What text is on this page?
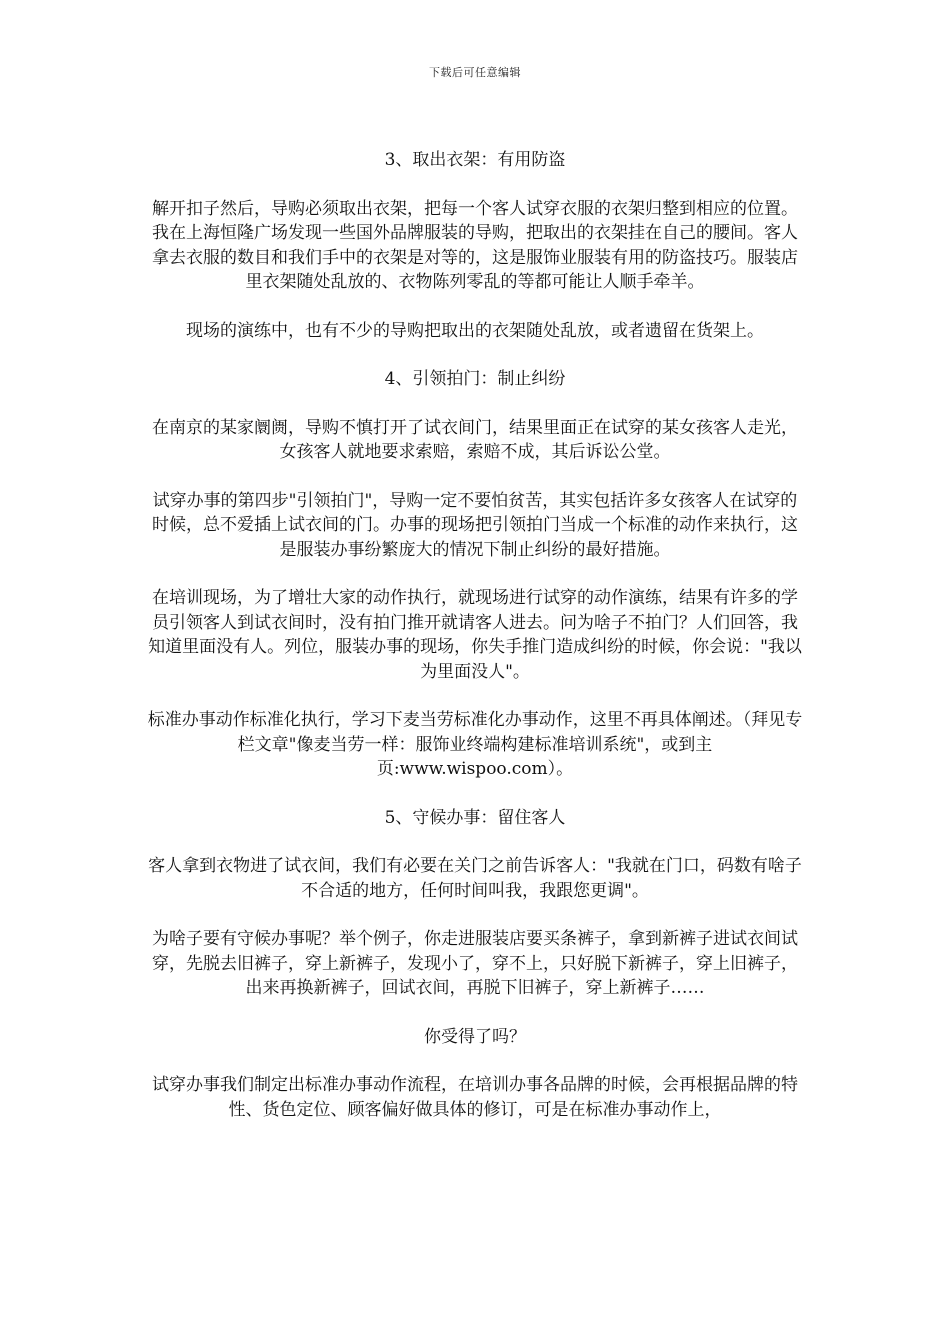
下载后可任意编辑
3、取出衣架：有用防盗
解开扣子然后，导购必须取出衣架，把每一个客人试穿衣服的衣架归整到相应的位置。我在上海恒隆广场发现一些国外品牌服装的导购，把取出的衣架挂在自己的腰间。客人拿去衣服的数目和我们手中的衣架是对等的，这是服饰业服装有用的防盗技巧。服装店里衣架随处乱放的、衣物陈列零乱的等都可能让人顺手牵羊。
现场的演练中，也有不少的导购把取出的衣架随处乱放，或者遗留在货架上。
4、引领拍门：制止纠纷
在南京的某家阛阓，导购不慎打开了试衣间门，结果里面正在试穿的某女孩客人走光，女孩客人就地要求索赔，索赔不成，其后诉讼公堂。
试穿办事的第四步"引领拍门"，导购一定不要怕贫苦，其实包括许多女孩客人在试穿的时候，总不爱插上试衣间的门。办事的现场把引领拍门当成一个标准的动作来执行，这是服装办事纷繁庞大的情况下制止纠纷的最好措施。
在培训现场，为了增壮大家的动作执行，就现场进行试穿的动作演练，结果有许多的学员引领客人到试衣间时，没有拍门推开就请客人进去。问为啥子不拍门？人们回答，我知道里面没有人。列位，服装办事的现场，你失手推门造成纠纷的时候，你会说："我以为里面没人"。
标准办事动作标准化执行，学习下麦当劳标准化办事动作，这里不再具体阐述。（拜见专栏文章"像麦当劳一样：服饰业终端构建标准培训系统"，或到主页:www.wispoo.com）。
5、守候办事：留住客人
客人拿到衣物进了试衣间，我们有必要在关门之前告诉客人："我就在门口，码数有啥子不合适的地方，任何时间叫我，我跟您更调"。
为啥子要有守候办事呢？举个例子，你走进服装店要买条裤子，拿到新裤子进试衣间试穿，先脱去旧裤子，穿上新裤子，发现小了，穿不上，只好脱下新裤子，穿上旧裤子，出来再换新裤子，回试衣间，再脱下旧裤子，穿上新裤子……
你受得了吗？
试穿办事我们制定出标准办事动作流程，在培训办事各品牌的时候，会再根据品牌的特性、货色定位、顾客偏好做具体的修订，可是在标准办事动作上，
